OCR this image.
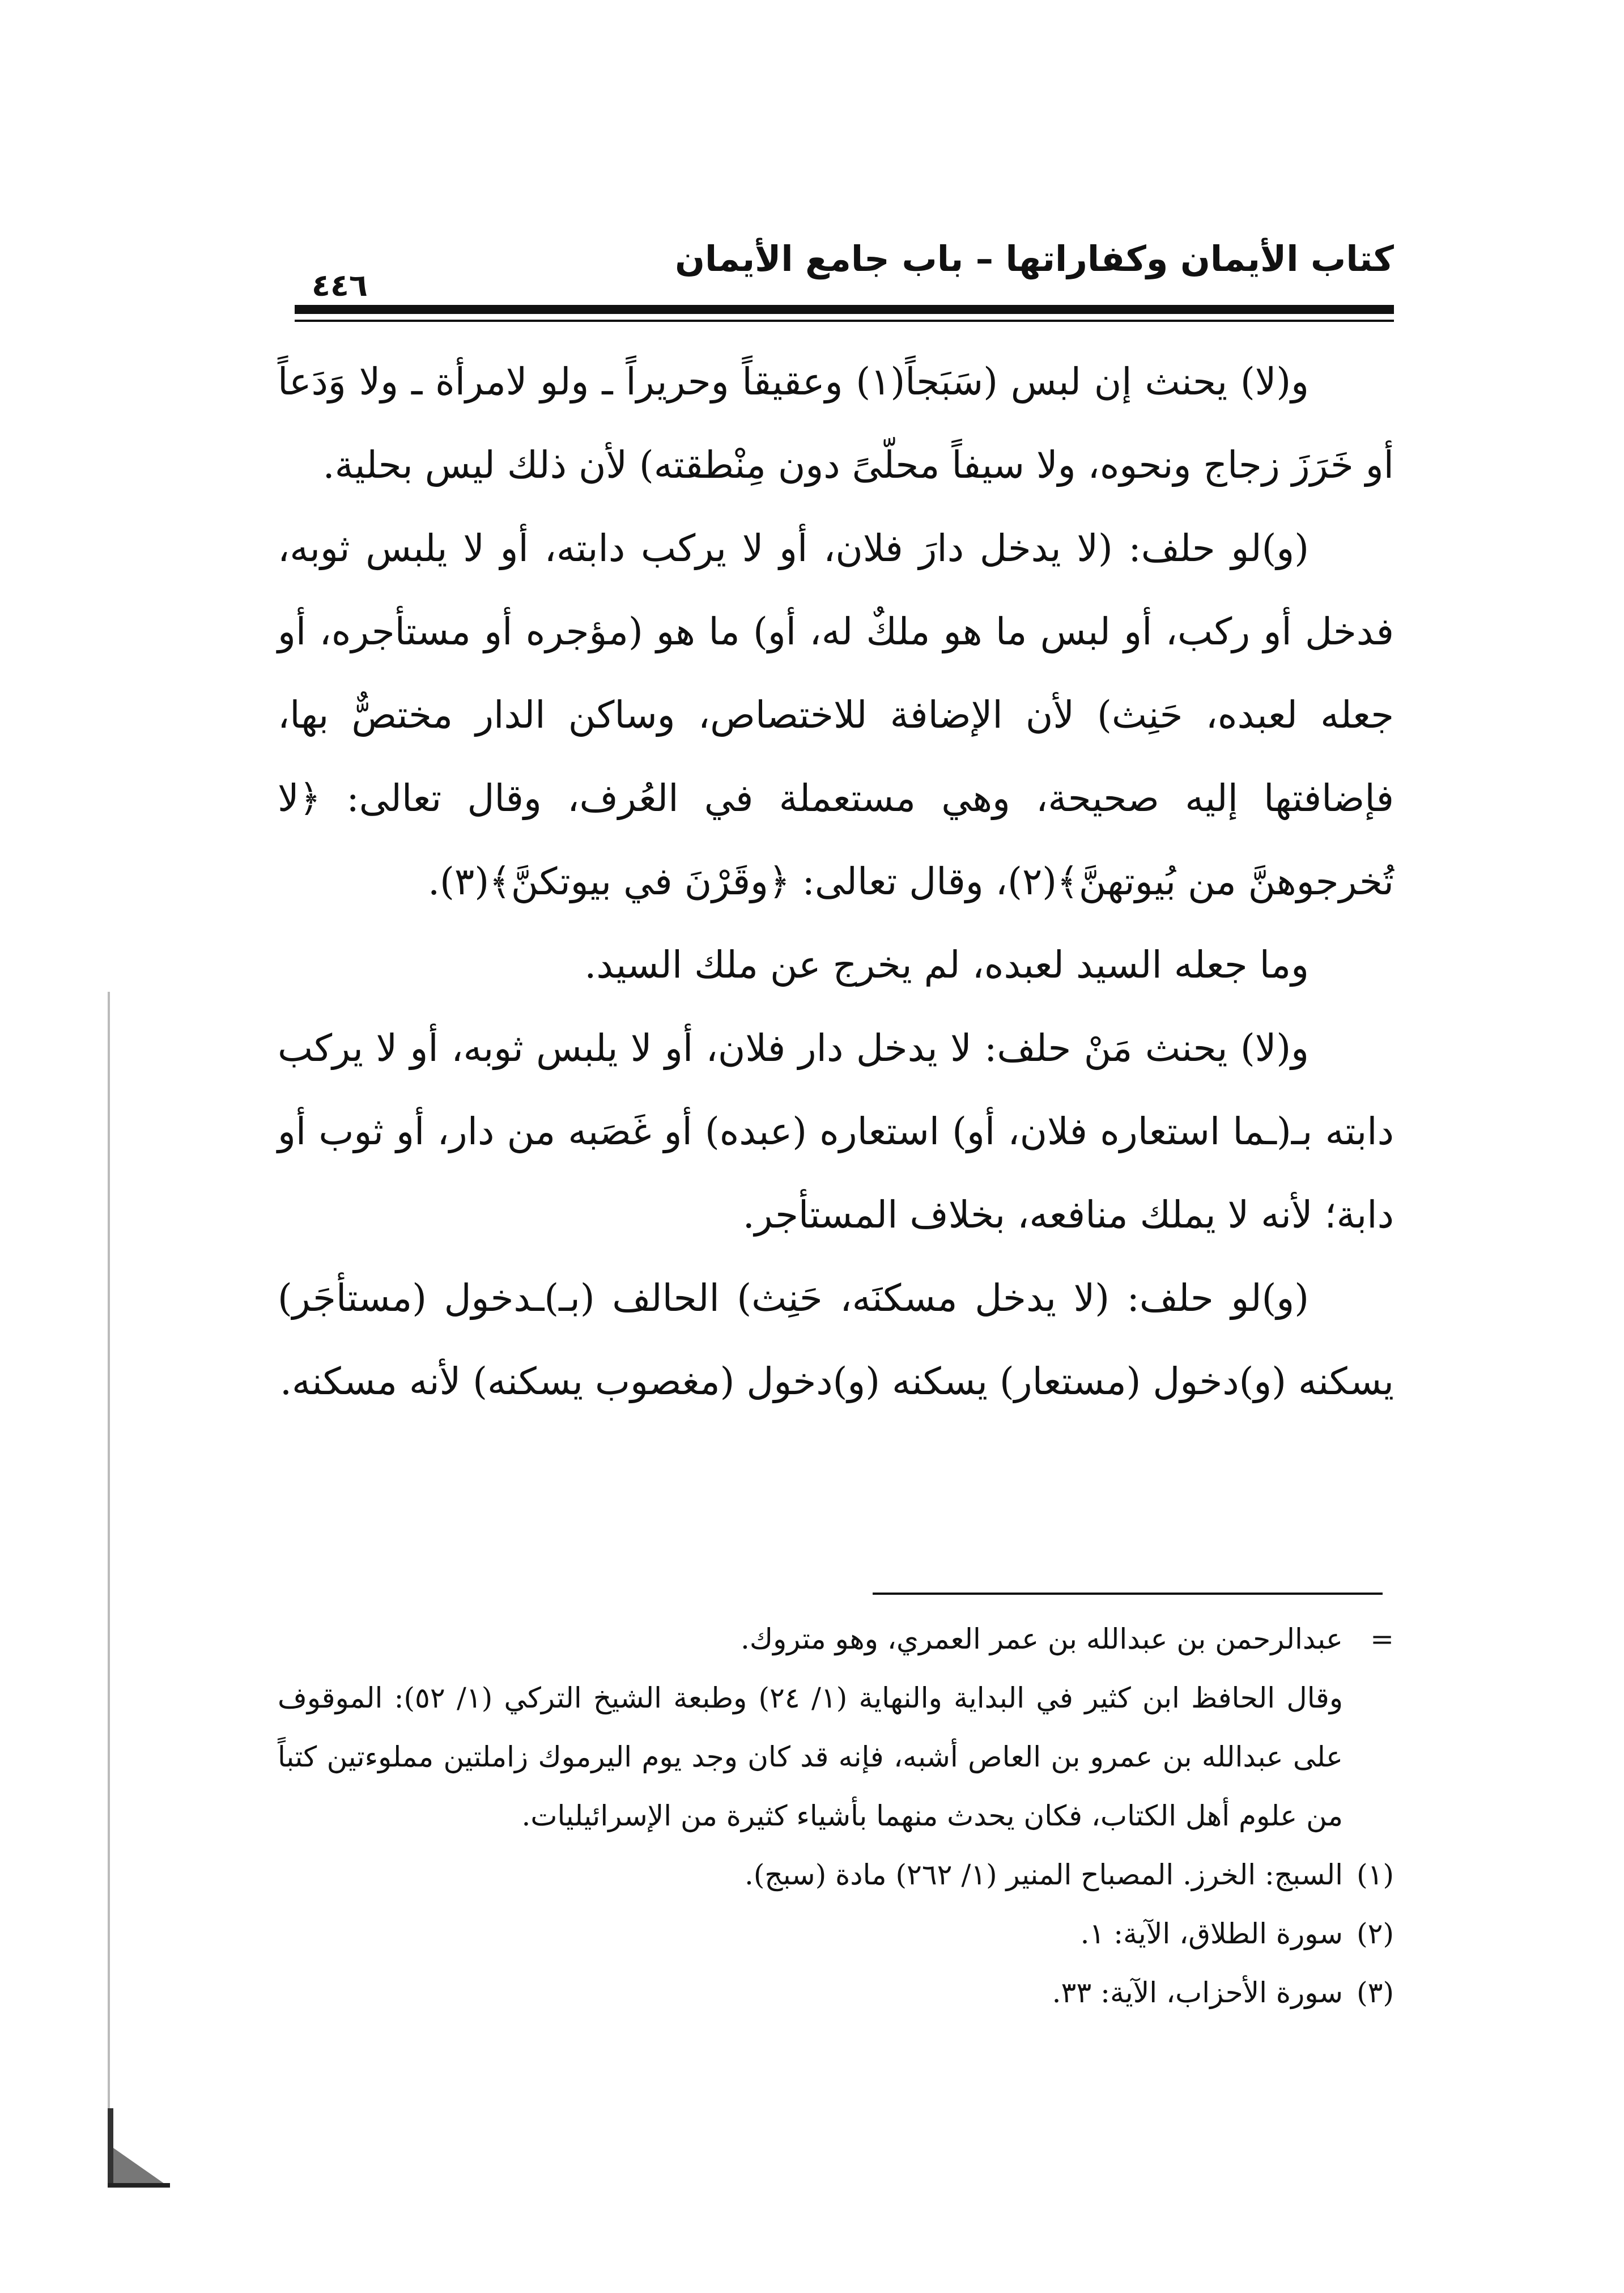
كتاب الأيمان وكفاراتها – باب جامع الأيمان
٤٤٦

و(لا) يحنث إن لبس (سَبَجاً(١) وعقيقاً وحريراً ـ ولو لامرأة ـ ولا وَدَعاً أو خَرَزَ زجاج ونحوه، ولا سيفاً محلّىً دون مِنْطقته) لأن ذلك ليس بحلية.

(و)لو حلف: (لا يدخل دارَ فلان، أو لا يركب دابته، أو لا يلبس ثوبه، فدخل أو ركب، أو لبس ما هو ملكٌ له، أو) ما هو (مؤجره أو مستأجره، أو جعله لعبده، حَنِث) لأن الإضافة للاختصاص، وساكن الدار مختصٌّ بها، فإضافتها إليه صحيحة، وهي مستعملة في العُرف، وقال تعالى: ﴿لا تُخرجوهنَّ من بُيوتهنَّ﴾(٢)، وقال تعالى: ﴿وقَرْنَ في بيوتكنَّ﴾(٣).

وما جعله السيد لعبده، لم يخرج عن ملك السيد.

و(لا) يحنث مَنْ حلف: لا يدخل دار فلان، أو لا يلبس ثوبه، أو لا يركب دابته بـ(ـما استعاره فلان، أو) استعاره (عبده) أو غَصَبه من دار، أو ثوب أو دابة؛ لأنه لا يملك منافعه، بخلاف المستأجر.

(و)لو حلف: (لا يدخل مسكنَه، حَنِث) الحالف (بـ)ـدخول (مستأجَر) يسكنه (و)دخول (مستعار) يسكنه (و)دخول (مغصوب يسكنه) لأنه مسكنه.

=
عبدالرحمن بن عبدالله بن عمر العمري، وهو متروك.
وقال الحافظ ابن كثير في البداية والنهاية (١/ ٢٤) وطبعة الشيخ التركي (١/ ٥٢): الموقوف على عبدالله بن عمرو بن العاص أشبه، فإنه قد كان وجد يوم اليرموك زاملتين مملوءتين كتباً من علوم أهل الكتاب، فكان يحدث منهما بأشياء كثيرة من الإسرائيليات.
(١)
السبج: الخرز. المصباح المنير (١/ ٢٦٢) مادة (سبج).
(٢)
سورة الطلاق، الآية: ١.
(٣)
سورة الأحزاب، الآية: ٣٣.
